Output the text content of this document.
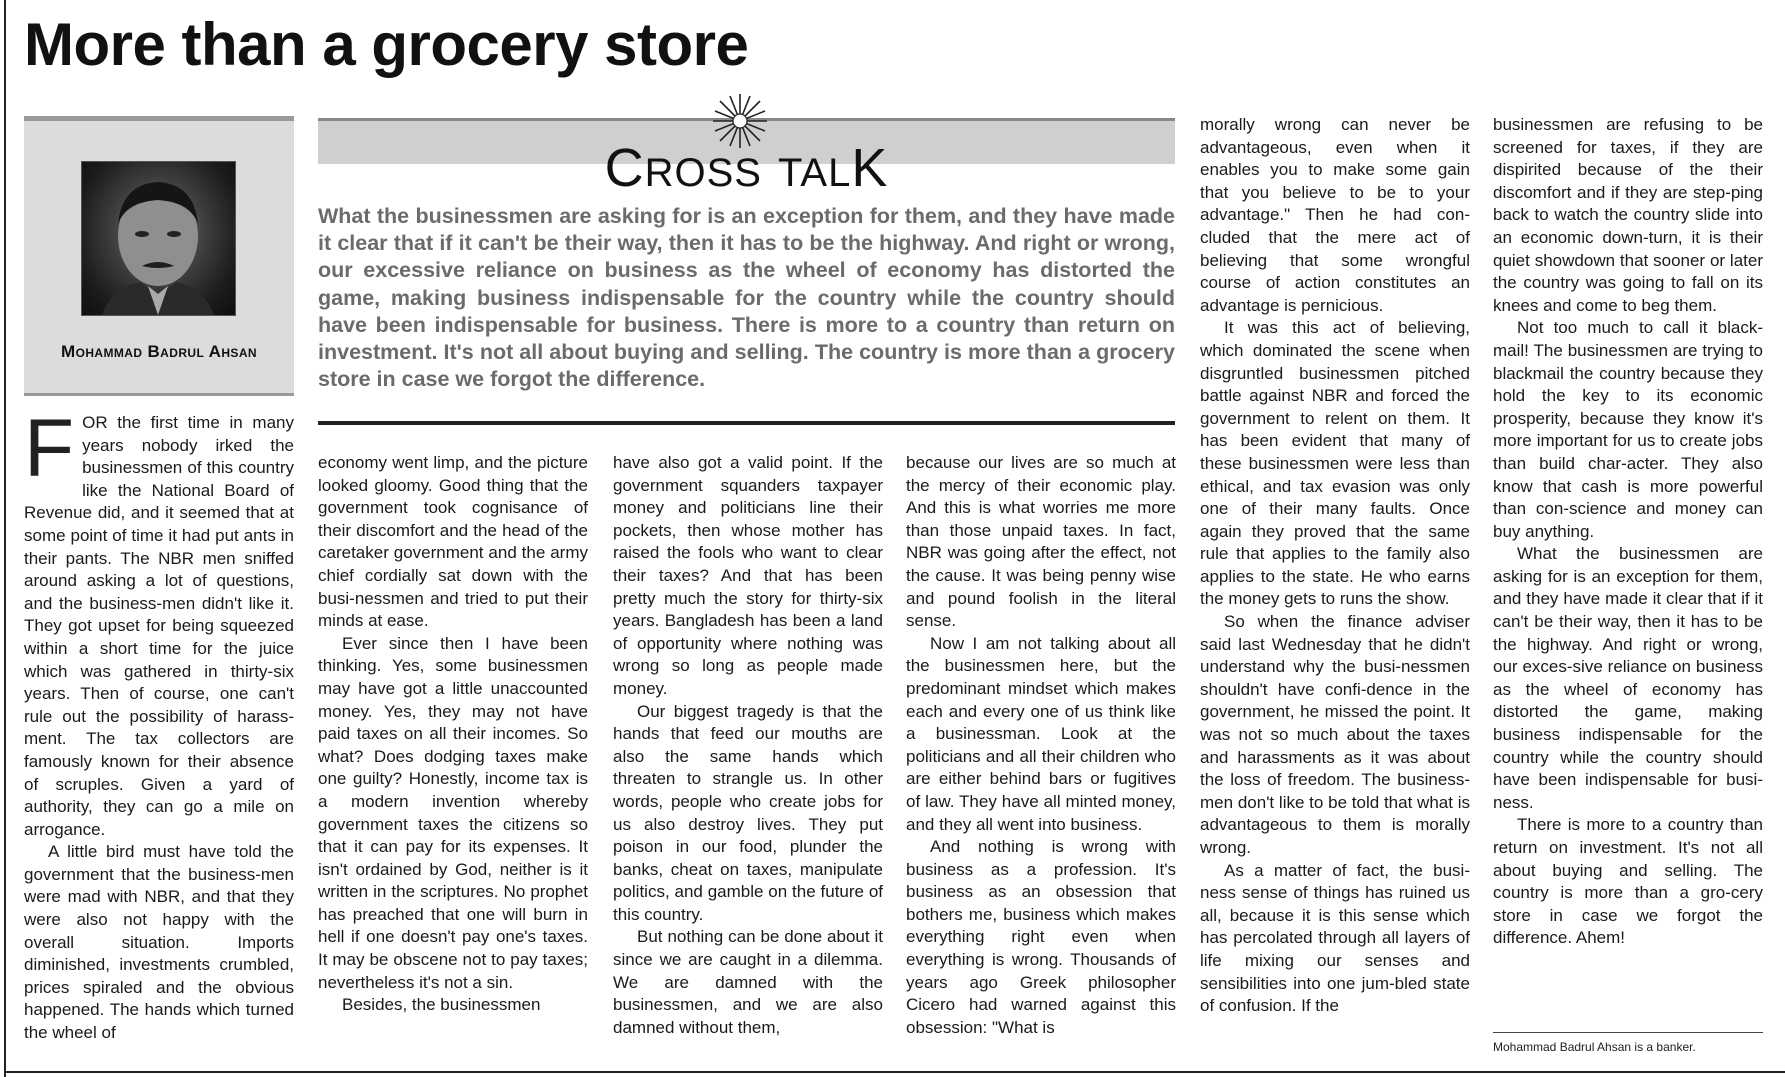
More than a grocery store
Mohammad Badrul Ahsan
CROSS TALK
What the businessmen are asking for is an exception for them, and they have made it clear that if it can't be their way, then it has to be the highway. And right or wrong, our excessive reliance on business as the wheel of economy has distorted the game, making business indispensable for the country while the country should have been indispensable for business. There is more to a country than return on investment. It's not all about buying and selling. The country is more than a grocery store in case we forgot the difference.

FOR the first time in many years nobody irked the businessmen of this country like the National Board of Revenue did, and it seemed that at some point of time it had put ants in their pants. The NBR men sniffed around asking a lot of questions, and the business-men didn't like it. They got upset for being squeezed within a short time for the juice which was gathered in thirty-six years. Then of course, one can't rule out the possibility of harass-ment. The tax collectors are famously known for their absence of scruples. Given a yard of authority, they can go a mile on arrogance.

A little bird must have told the government that the business-men were mad with NBR, and that they were also not happy with the overall situation. Imports diminished, investments crumbled, prices spiraled and the obvious happened. The hands which turned the wheel of

economy went limp, and the picture looked gloomy. Good thing that the government took cognisance of their discomfort and the head of the caretaker government and the army chief cordially sat down with the busi-nessmen and tried to put their minds at ease.

Ever since then I have been thinking. Yes, some businessmen may have got a little unaccounted money. Yes, they may not have paid taxes on all their incomes. So what? Does dodging taxes make one guilty? Honestly, income tax is a modern invention whereby government taxes the citizens so that it can pay for its expenses. It isn't ordained by God, neither is it written in the scriptures. No prophet has preached that one will burn in hell if one doesn't pay one's taxes. It may be obscene not to pay taxes; nevertheless it's not a sin.

Besides, the businessmen

have also got a valid point. If the government squanders taxpayer money and politicians line their pockets, then whose mother has raised the fools who want to clear their taxes? And that has been pretty much the story for thirty-six years. Bangladesh has been a land of opportunity where nothing was wrong so long as people made money.

Our biggest tragedy is that the hands that feed our mouths are also the same hands which threaten to strangle us. In other words, people who create jobs for us also destroy lives. They put poison in our food, plunder the banks, cheat on taxes, manipulate politics, and gamble on the future of this country.

But nothing can be done about it since we are caught in a dilemma. We are damned with the businessmen, and we are also damned without them,

because our lives are so much at the mercy of their economic play. And this is what worries me more than those unpaid taxes. In fact, NBR was going after the effect, not the cause. It was being penny wise and pound foolish in the literal sense.

Now I am not talking about all the businessmen here, but the predominant mindset which makes each and every one of us think like a businessman. Look at the politicians and all their children who are either behind bars or fugitives of law. They have all minted money, and they all went into business.

And nothing is wrong with business as a profession. It's business as an obsession that bothers me, business which makes everything right even when everything is wrong. Thousands of years ago Greek philosopher Cicero had warned against this obsession: "What is

morally wrong can never be advantageous, even when it enables you to make some gain that you believe to be to your advantage." Then he had con-cluded that the mere act of believing that some wrongful course of action constitutes an advantage is pernicious.

It was this act of believing, which dominated the scene when disgruntled businessmen pitched battle against NBR and forced the government to relent on them. It has been evident that many of these businessmen were less than ethical, and tax evasion was only one of their many faults. Once again they proved that the same rule that applies to the family also applies to the state. He who earns the money gets to runs the show.

So when the finance adviser said last Wednesday that he didn't understand why the busi-nessmen shouldn't have confi-dence in the government, he missed the point. It was not so much about the taxes and harassments as it was about the loss of freedom. The business-men don't like to be told that what is advantageous to them is morally wrong.

As a matter of fact, the busi-ness sense of things has ruined us all, because it is this sense which has percolated through all layers of life mixing our senses and sensibilities into one jum-bled state of confusion. If the

businessmen are refusing to be screened for taxes, if they are dispirited because of the their discomfort and if they are step-ping back to watch the country slide into an economic down-turn, it is their quiet showdown that sooner or later the country was going to fall on its knees and come to beg them.

Not too much to call it black-mail! The businessmen are trying to blackmail the country because they hold the key to its economic prosperity, because they know it's more important for us to create jobs than build char-acter. They also know that cash is more powerful than con-science and money can buy anything.

What the businessmen are asking for is an exception for them, and they have made it clear that if it can't be their way, then it has to be the highway. And right or wrong, our exces-sive reliance on business as the wheel of economy has distorted the game, making business indispensable for the country while the country should have been indispensable for busi-ness.

There is more to a country than return on investment. It's not all about buying and selling. The country is more than a gro-cery store in case we forgot the difference. Ahem!

Mohammad Badrul Ahsan is a banker.
